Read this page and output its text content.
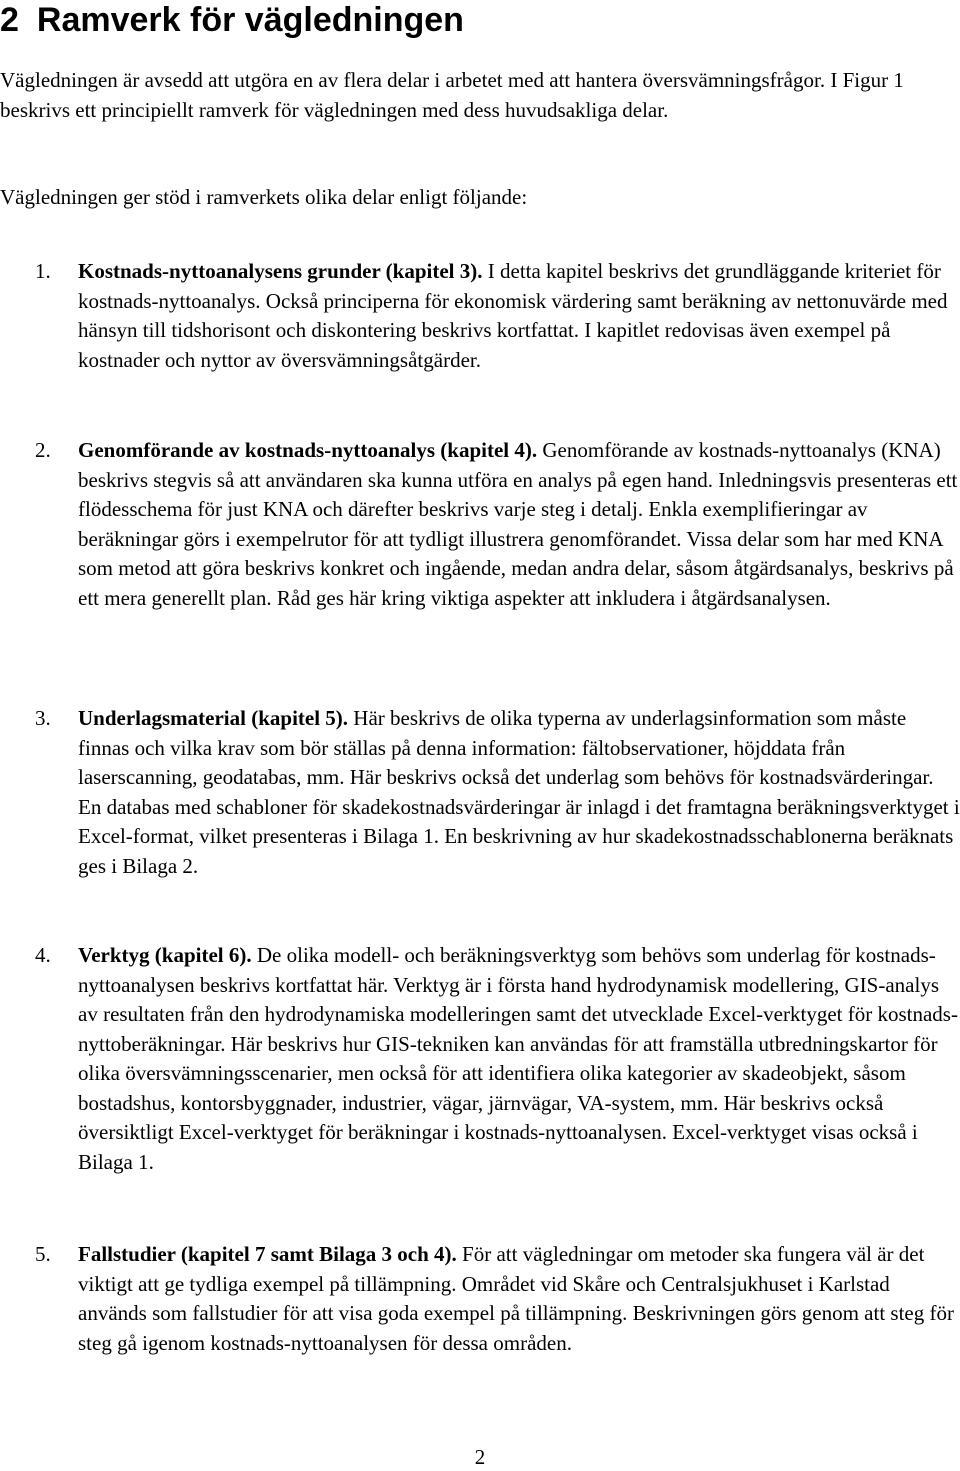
2 Ramverk för vägledningen

Vägledningen är avsedd att utgöra en av flera delar i arbetet med att hantera översvämningsfrågor. I Figur 1 beskrivs ett principiellt ramverk för vägledningen med dess huvudsakliga delar.

Vägledningen ger stöd i ramverkets olika delar enligt följande:

1.	Kostnads-nyttoanalysens grunder (kapitel 3). I detta kapitel beskrivs det grundläggande kriteriet för kostnads-nyttoanalys. Också principerna för ekonomisk värdering samt beräkning av nettonuvärde med hänsyn till tidshorisont och diskontering beskrivs kortfattat. I kapitlet redovisas även exempel på kostnader och nyttor av översvämningsåtgärder.

2.	Genomförande av kostnads-nyttoanalys (kapitel 4). Genomförande av kostnads-nyttoanalys (KNA) beskrivs stegvis så att användaren ska kunna utföra en analys på egen hand. Inledningsvis presenteras ett flödesschema för just KNA och därefter beskrivs varje steg i detalj. Enkla exemplifieringar av beräkningar görs i exempelrutor för att tydligt illustrera genomförandet. Vissa delar som har med KNA som metod att göra beskrivs konkret och ingående, medan andra delar, såsom åtgärdsanalys, beskrivs på ett mera generellt plan. Råd ges här kring viktiga aspekter att inkludera i åtgärdsanalysen.

3.	Underlagsmaterial (kapitel 5). Här beskrivs de olika typerna av underlagsinformation som måste finnas och vilka krav som bör ställas på denna information: fältobservationer, höjddata från laserscanning, geodatabas, mm. Här beskrivs också det underlag som behövs för kostnadsvärderingar. En databas med schabloner för skadekostnadsvärderingar är inlagd i det framtagna beräkningsverktyget i Excel-format, vilket presenteras i Bilaga 1. En beskrivning av hur skadekostnadsschablonerna beräknats ges i Bilaga 2.

4.	Verktyg (kapitel 6). De olika modell- och beräkningsverktyg som behövs som underlag för kostnads-nyttoanalysen beskrivs kortfattat här. Verktyg är i första hand hydrodynamisk modellering, GIS-analys av resultaten från den hydrodynamiska modelleringen samt det utvecklade Excel-verktyget för kostnads-nyttoberäkningar. Här beskrivs hur GIS-tekniken kan användas för att framställa utbredningskartor för olika översvämningsscenarier, men också för att identifiera olika kategorier av skadeobjekt, såsom bostadshus, kontorsbyggnader, industrier, vägar, järnvägar, VA-system, mm. Här beskrivs också översiktligt Excel-verktyget för beräkningar i kostnads-nyttoanalysen. Excel-verktyget visas också i Bilaga 1.

5.	Fallstudier (kapitel 7 samt Bilaga 3 och 4). För att vägledningar om metoder ska fungera väl är det viktigt att ge tydliga exempel på tillämpning. Området vid Skåre och Centralsjukhuset i Karlstad används som fallstudier för att visa goda exempel på tillämpning. Beskrivningen görs genom att steg för steg gå igenom kostnads-nyttoanalysen för dessa områden.

2
